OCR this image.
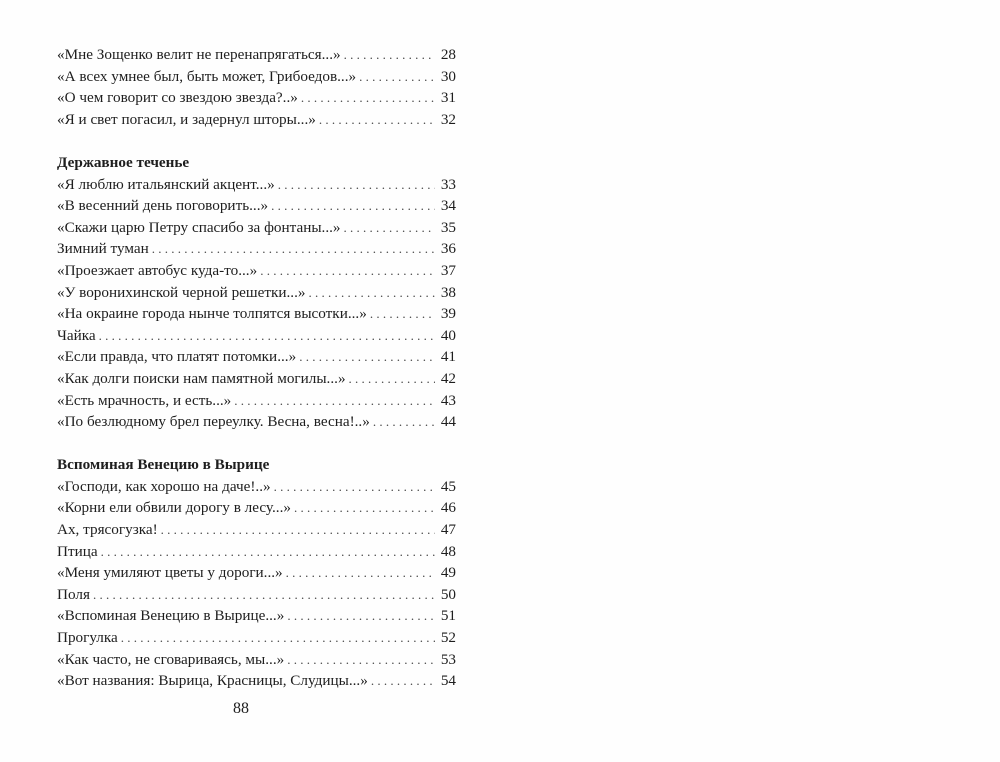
«Мне Зощенко велит не перенапрягаться...» . . .	28
«А всех умнее был, быть может, Грибоедов...» . . .	30
«О чем говорит со звездою звезда?..» . . .	31
«Я и свет погасил, и задернул шторы...» . . .	32
Державное теченье
«Я люблю итальянский акцент...» . . .	33
«В весенний день поговорить...» . . .	34
«Скажи царю Петру спасибо за фонтаны...» . . .	35
Зимний туман . . .	36
«Проезжает автобус куда-то...» . . .	37
«У воронихинской черной решетки...» . . .	38
«На окраине города нынче толпятся высотки...» . . .	39
Чайка . . .	40
«Если правда, что платят потомки...» . . .	41
«Как долги поиски нам памятной могилы...» . . .	42
«Есть мрачность, и есть...» . . .	43
«По безлюдному брел переулку. Весна, весна!..» . . .	44
Вспоминая Венецию в Вырице
«Господи, как хорошо на даче!..» . . .	45
«Корни ели обвили дорогу в лесу...» . . .	46
Ах, трясогузка! . . .	47
Птица . . .	48
«Меня умиляют цветы у дороги...» . . .	49
Поля . . .	50
«Вспоминая Венецию в Вырице...» . . .	51
Прогулка . . .	52
«Как часто, не сговариваясь, мы...» . . .	53
«Вот названия: Вырица, Красницы, Слудицы...» . . .	54
88
